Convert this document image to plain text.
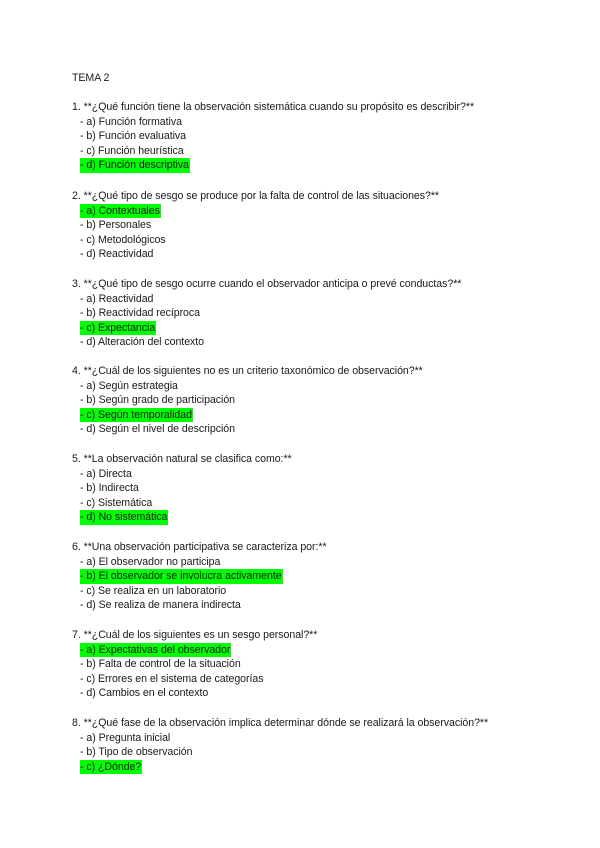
TEMA 2
1. **¿Qué función tiene la observación sistemática cuando su propósito es describir?**
- a) Función formativa
- b) Función evaluativa
- c) Función heurística
- d) Función descriptiva
2. **¿Qué tipo de sesgo se produce por la falta de control de las situaciones?**
- a) Contextuales
- b) Personales
- c) Metodológicos
- d) Reactividad
3. **¿Qué tipo de sesgo ocurre cuando el observador anticipa o prevé conductas?**
- a) Reactividad
- b) Reactividad recíproca
- c) Expectancia
- d) Alteración del contexto
4. **¿Cuál de los siguientes no es un criterio taxonómico de observación?**
- a) Según estrategia
- b) Según grado de participación
- c) Según temporalidad
- d) Según el nivel de descripción
5. **La observación natural se clasifica como:**
- a) Directa
- b) Indirecta
- c) Sistemática
- d) No sistemática
6. **Una observación participativa se caracteriza por:**
- a) El observador no participa
- b) El observador se involucra activamente
- c) Se realiza en un laboratorio
- d) Se realiza de manera indirecta
7. **¿Cuál de los siguientes es un sesgo personal?**
- a) Expectativas del observador
- b) Falta de control de la situación
- c) Errores en el sistema de categorías
- d) Cambios en el contexto
8. **¿Qué fase de la observación implica determinar dónde se realizará la observación?**
- a) Pregunta inicial
- b) Tipo de observación
- c) ¿Dónde?
